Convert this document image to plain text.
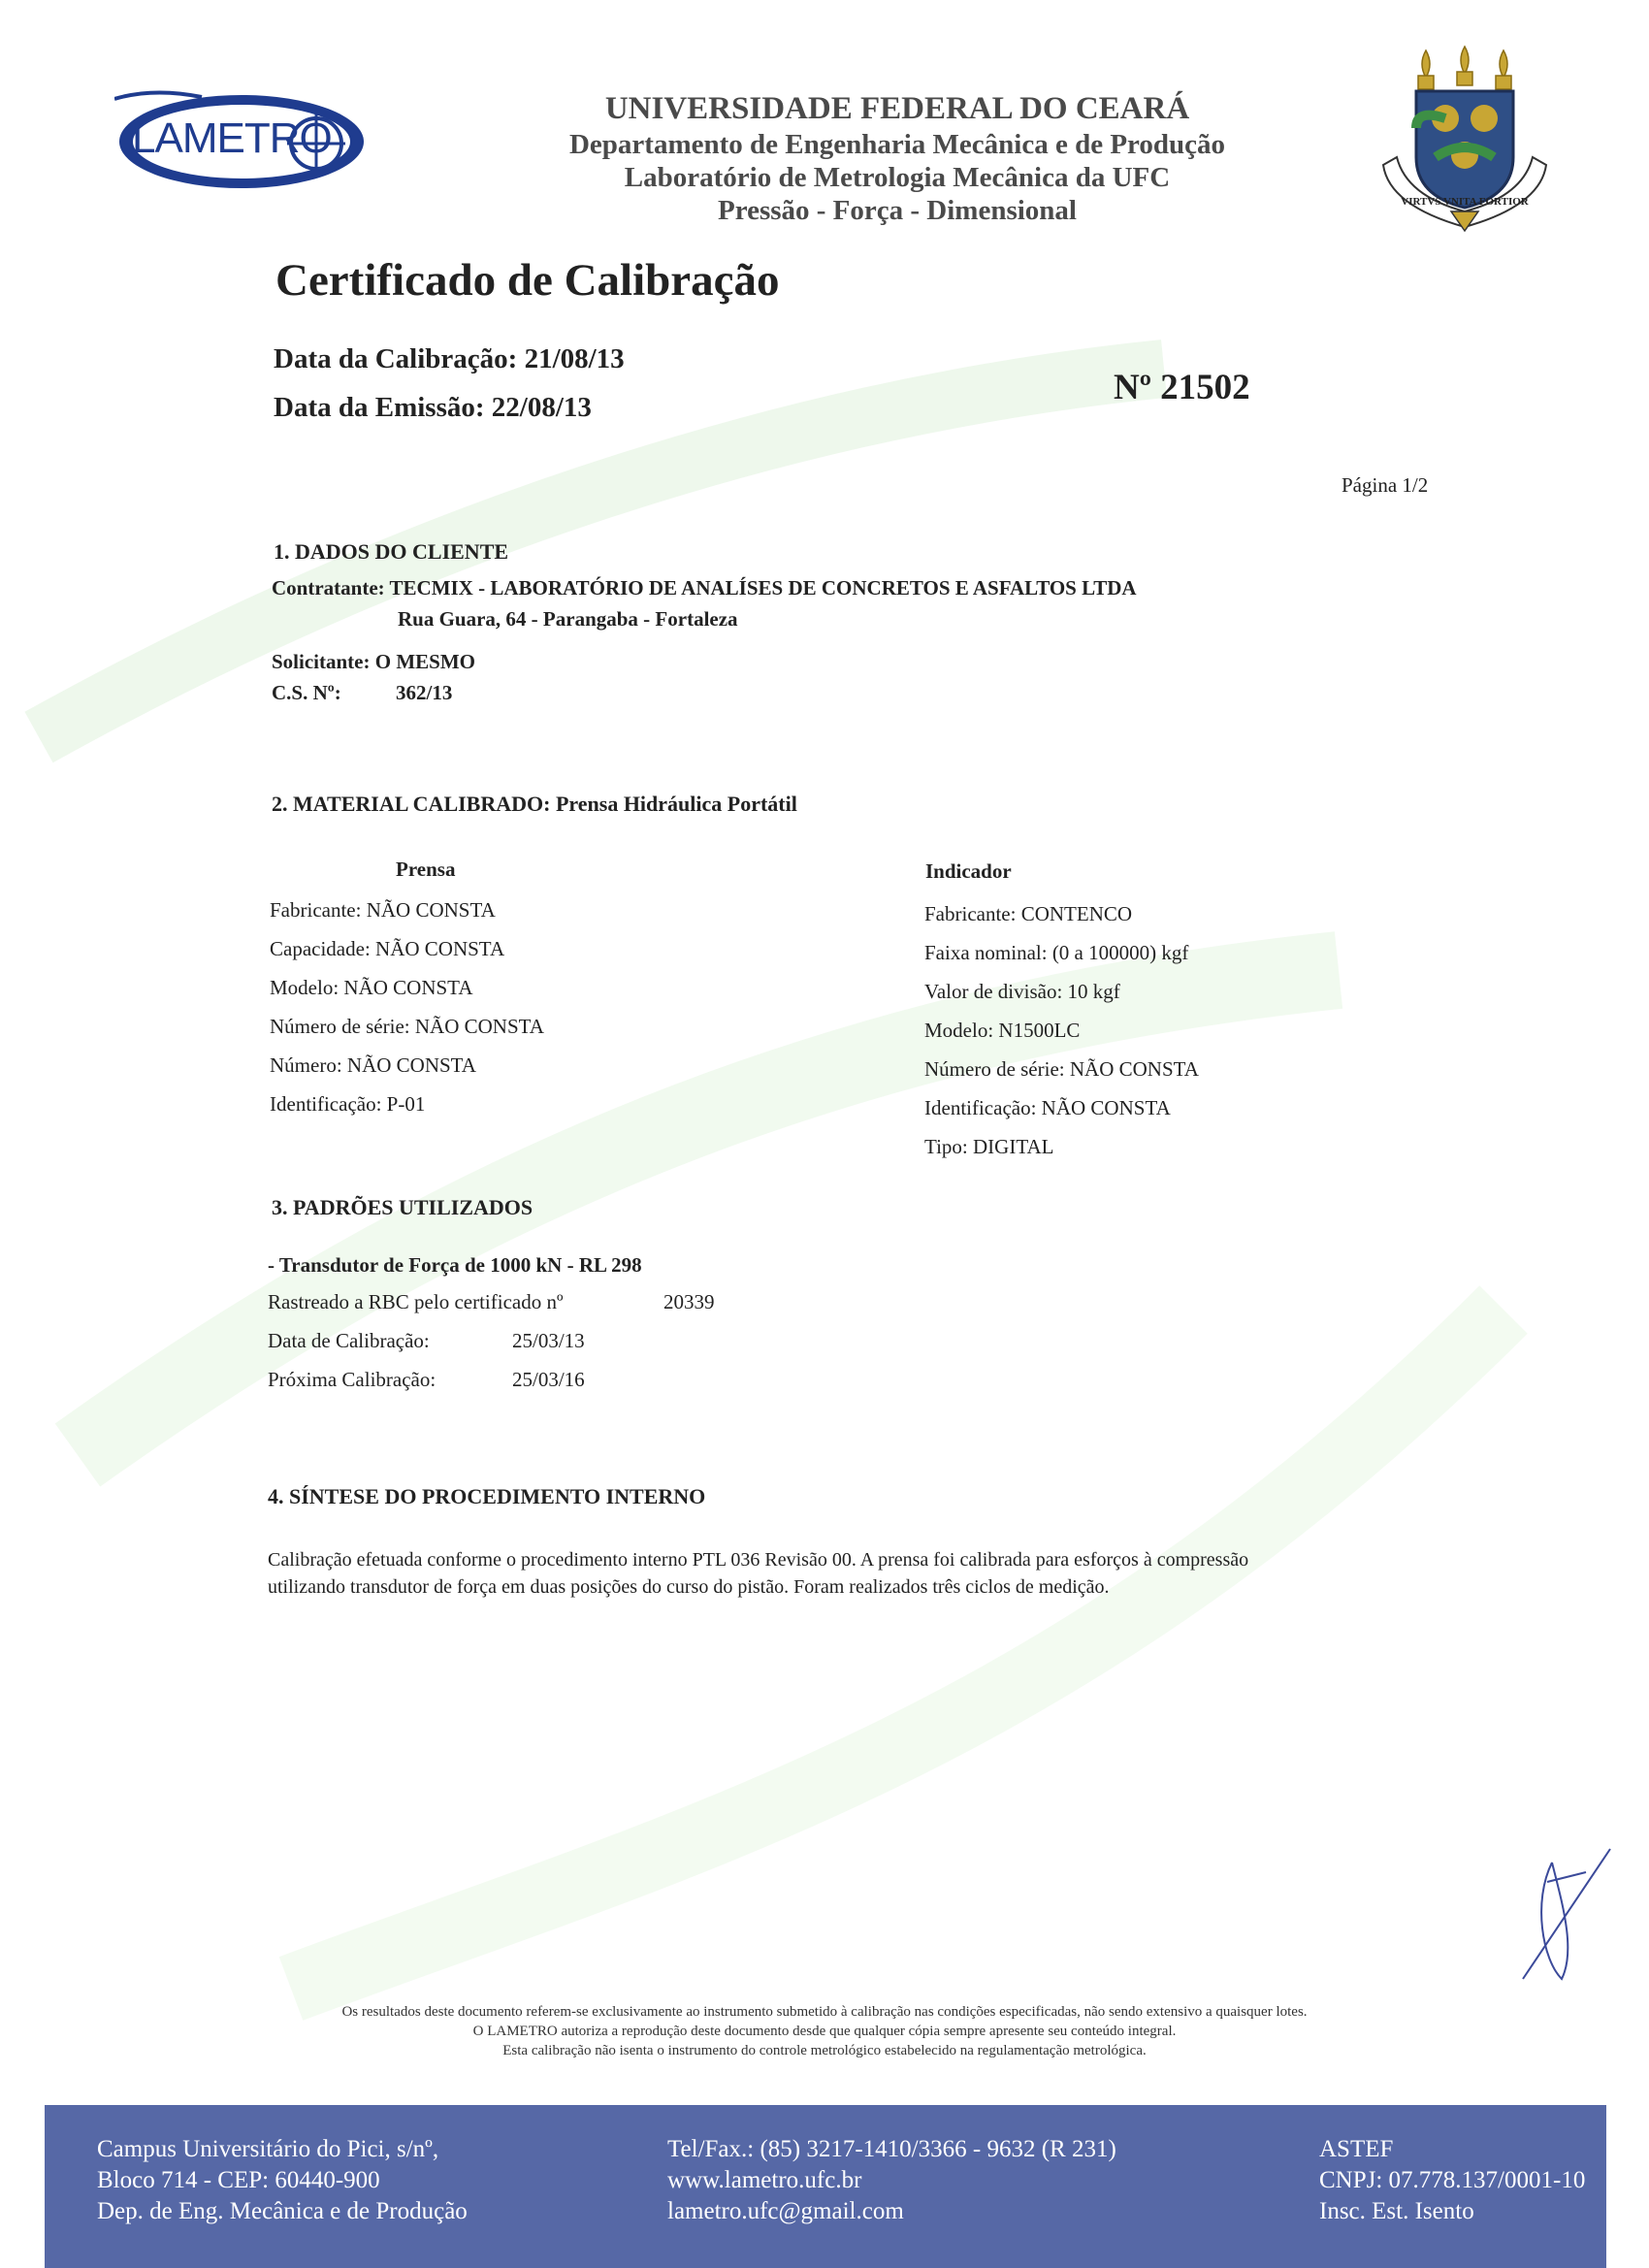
LAMETRO
UNIVERSIDADE FEDERAL DO CEARÁ
Departamento de Engenharia Mecânica e de Produção
Laboratório de Metrologia Mecânica da UFC
Pressão - Força - Dimensional	VIRTVS VNITA FORTIOR
Certificado de Calibração
Data da Calibração: 21/08/13
Data da Emissão: 22/08/13	Nº 21502
Página 1/2
1. DADOS DO CLIENTE
Contratante: TECMIX - LABORATÓRIO DE ANALÍSES DE CONCRETOS E ASFALTOS LTDA
Rua Guara, 64 - Parangaba - Fortaleza
Solicitante: O MESMO
C.S. Nº:	362/13
2. MATERIAL CALIBRADO: Prensa Hidráulica Portátil
Prensa
Fabricante: NÃO CONSTA
Capacidade: NÃO CONSTA
Modelo: NÃO CONSTA
Número de série: NÃO CONSTA
Número: NÃO CONSTA
Identificação: P-01
Indicador
Fabricante: CONTENCO
Faixa nominal: (0 a 100000) kgf
Valor de divisão: 10 kgf
Modelo: N1500LC
Número de série: NÃO CONSTA
Identificação: NÃO CONSTA
Tipo: DIGITAL
3. PADRÕES UTILIZADOS
- Transdutor de Força de 1000 kN - RL 298
Rastreado a RBC pelo certificado nº	20339
Data de Calibração:	25/03/13
Próxima Calibração:	25/03/16
4. SÍNTESE DO PROCEDIMENTO INTERNO
Calibração efetuada conforme o procedimento interno PTL 036 Revisão 00. A prensa foi calibrada para esforços à compressão
utilizando transdutor de força em duas posições do curso do pistão. Foram realizados três ciclos de medição.
Os resultados deste documento referem-se exclusivamente ao instrumento submetido à calibração nas condições especificadas, não sendo extensivo a quaisquer lotes.
O LAMETRO autoriza a reprodução deste documento desde que qualquer cópia sempre apresente seu conteúdo integral.
Esta calibração não isenta o instrumento do controle metrológico estabelecido na regulamentação metrológica.
Campus Universitário do Pici, s/nº,
Bloco 714 - CEP: 60440-900
Dep. de Eng. Mecânica e de Produção
Tel/Fax.: (85) 3217-1410/3366 - 9632 (R 231)
www.lametro.ufc.br
lametro.ufc@gmail.com
ASTEF
CNPJ: 07.778.137/0001-10
Insc. Est. Isento
